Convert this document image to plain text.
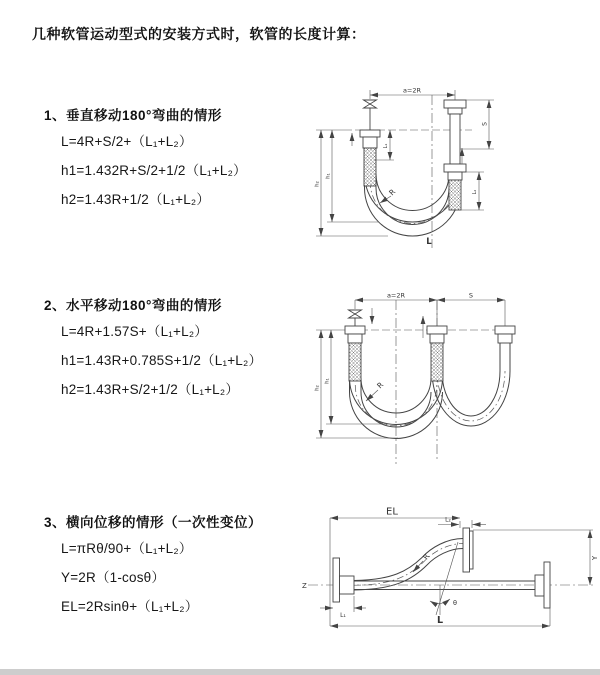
几种软管运动型式的安装方式时，软管的长度计算：
1、垂直移动180°弯曲的情形
L=4R+S/2+（L₁+L₂）
h1=1.432R+S/2+1/2（L₁+L₂）
h2=1.43R+1/2（L₁+L₂）
2、水平移动180°弯曲的情形
L=4R+1.57S+（L₁+L₂）
h1=1.43R+0.785S+1/2（L₁+L₂）
h2=1.43R+S/2+1/2（L₁+L₂）
3、横向位移的情形（一次性变位）
L=πRθ/90+（L₁+L₂）
Y=2R（1-cosθ）
EL=2Rsinθ+（L₁+L₂）
a=2R
S
L₂
L₁
h₁
h₂
R
L
a=2R	S
h₁
h₂	R
EL
L₂
Y
Z
L₁	L
R
θ
